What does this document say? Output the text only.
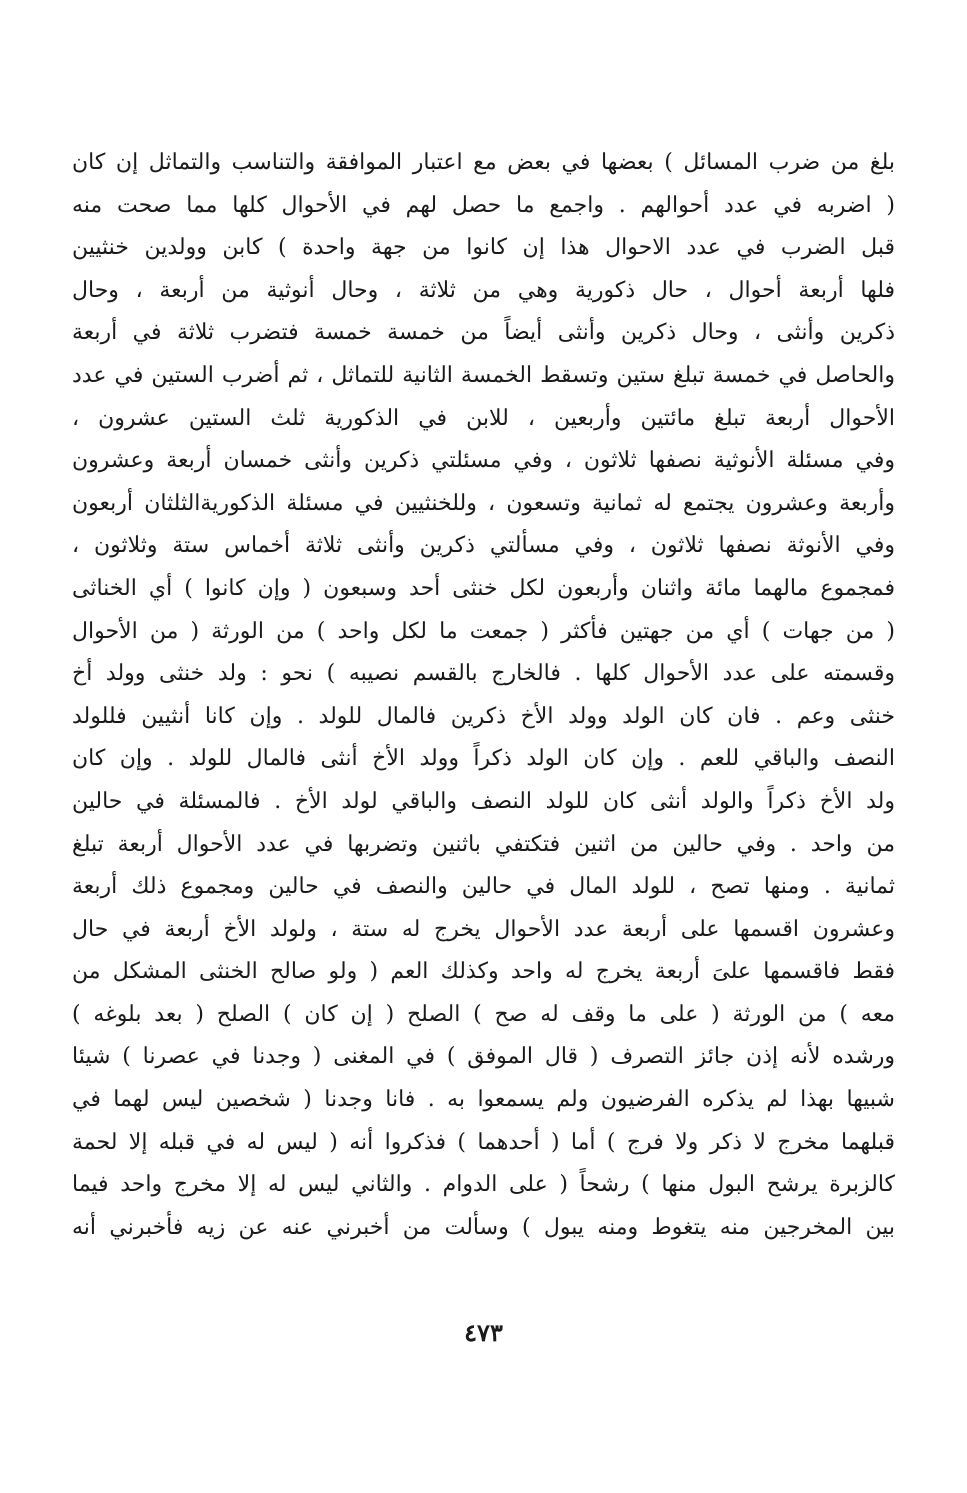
بلغ من ضرب المسائل ) بعضها في بعض مع اعتبار الموافقة والتناسب والتماثل إن كان
( اضربه في عدد أحوالهم . واجمع ما حصل لهم في الأحوال كلها مما صحت منه
قبل الضرب في عدد الاحوال هذا إن كانوا من جهة واحدة ) كابن وولدين خنثيين
فلها أربعة أحوال ، حال ذكورية وهي من ثلاثة ، وحال أنوثية من أربعة ، وحال
ذكرين وأنثى ، وحال ذكرين وأنثى أيضاً من خمسة خمسة فتضرب ثلاثة في أربعة
والحاصل في خمسة تبلغ ستين وتسقط الخمسة الثانية للتماثل ، ثم أضرب الستين في عدد
الأحوال أربعة تبلغ مائتين وأربعين ، للابن في الذكورية ثلث الستين عشرون ،
وفي مسئلة الأنوثية نصفها ثلاثون ، وفي مسئلتي ذكرين وأنثى خمسان أربعة وعشرون
وأربعة وعشرون يجتمع له ثمانية وتسعون ، وللخنثيين في مسئلة الذكوريةالثلثان أربعون
وفي الأنوثة نصفها ثلاثون ، وفي مسألتي ذكرين وأنثى ثلاثة أخماس ستة وثلاثون ،
فمجموع مالهما مائة واثنان وأربعون لكل خنثى أحد وسبعون ( وإن كانوا ) أي الخناثى
( من جهات ) أي من جهتين فأكثر ( جمعت ما لكل واحد ) من الورثة ( من الأحوال
وقسمته على عدد الأحوال كلها . فالخارج بالقسم نصيبه ) نحو : ولد خنثى وولد أخ
خنثى وعم . فان كان الولد وولد الأخ ذكرين فالمال للولد . وإن كانا أنثيين فللولد
النصف والباقي للعم . وإن كان الولد ذكراً وولد الأخ أنثى فالمال للولد . وإن كان
ولد الأخ ذكراً والولد أنثى كان للولد النصف والباقي لولد الأخ . فالمسئلة في حالين
من واحد . وفي حالين من اثنين فتكتفي باثنين وتضربها في عدد الأحوال أربعة تبلغ
ثمانية . ومنها تصح ، للولد المال في حالين والنصف في حالين ومجموع ذلك أربعة
وعشرون اقسمها على أربعة عدد الأحوال يخرج له ستة ، ولولد الأخ أربعة في حال
فقط فاقسمها علىَ أربعة يخرج له واحد وكذلك العم ( ولو صالح الخنثى المشكل من
معه ) من الورثة ( على ما وقف له صح ) الصلح ( إن كان ) الصلح ( بعد بلوغه )
ورشده لأنه إذن جائز التصرف ( قال الموفق ) في المغنى ( وجدنا في عصرنا ) شيئا
شبيها بهذا لم يذكره الفرضيون ولم يسمعوا به . فانا وجدنا ( شخصين ليس لهما في
قبلهما مخرج لا ذكر ولا فرج ) أما ( أحدهما ) فذكروا أنه ( ليس له في قبله إلا لحمة
كالزبرة يرشح البول منها ) رشحاً ( على الدوام . والثاني ليس له إلا مخرج واحد فيما
بين المخرجين منه يتغوط ومنه يبول ) وسألت من أخبرني عنه عن زيه فأخبرني أنه
٤٧٣
